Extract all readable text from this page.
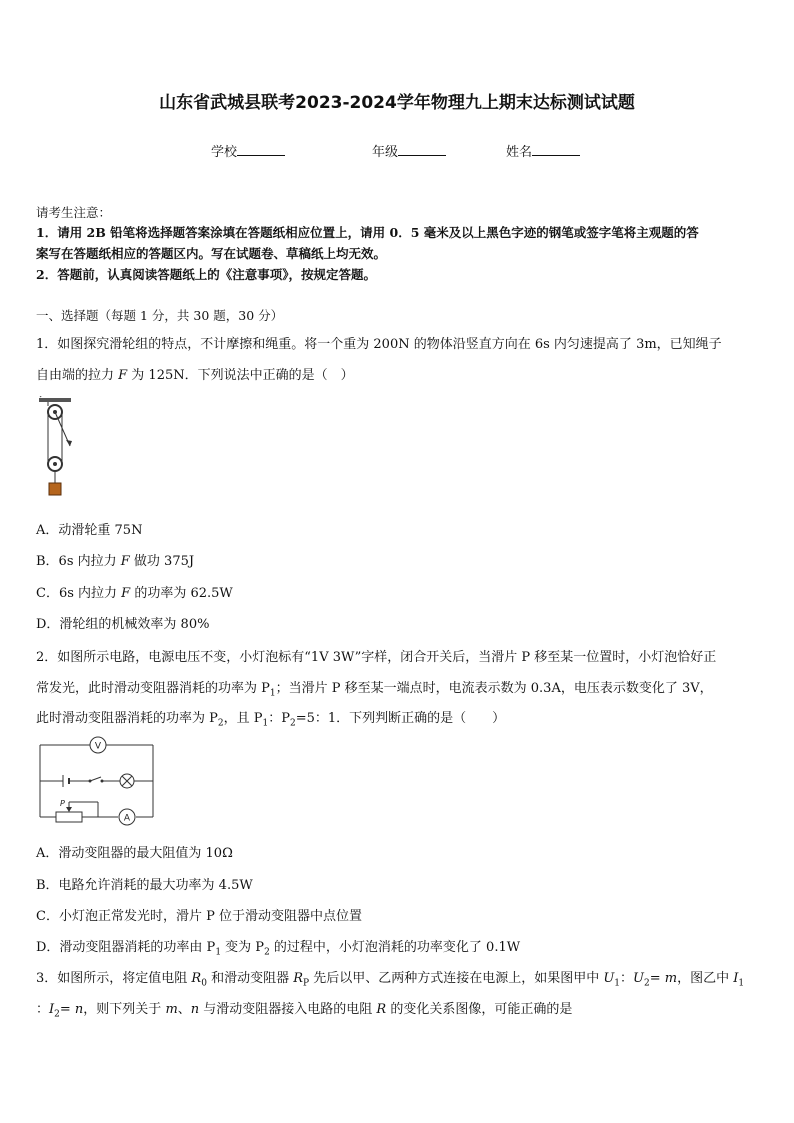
山东省武城县联考2023-2024学年物理九上期末达标测试试题
学校	年级	姓名
请考生注意：
1．请用 2B 铅笔将选择题答案涂填在答题纸相应位置上，请用 0．5 毫米及以上黑色字迹的钢笔或签字笔将主观题的答
案写在答题纸相应的答题区内。写在试题卷、草稿纸上均无效。
2．答题前，认真阅读答题纸上的《注意事项》，按规定答题。
一、选择题（每题 1 分，共 30 题，30 分）
1．如图探究滑轮组的特点，不计摩擦和绳重。将一个重为 200N 的物体沿竖直方向在 6s 内匀速提高了 3m，已知绳子
自由端的拉力 F 为 125N．下列说法中正确的是（　）
A．动滑轮重 75N
B．6s 内拉力 F 做功 375J
C．6s 内拉力 F 的功率为 62.5W
D．滑轮组的机械效率为 80%
2．如图所示电路，电源电压不变，小灯泡标有“1V 3W”字样，闭合开关后，当滑片 P 移至某一位置时，小灯泡恰好正
常发光，此时滑动变阻器消耗的功率为 $P_1$；当滑片 P 移至某一端点时，电流表示数为 0.3A，电压表示数变化了 3V，
此时滑动变阻器消耗的功率为 $P_2$，且 $P_1$：$P_2=5$：1．下列判断正确的是（　　）
V
P
A
A．滑动变阻器的最大阻值为 10Ω
B．电路允许消耗的最大功率为 4.5W
C．小灯泡正常发光时，滑片 P 位于滑动变阻器中点位置
D．滑动变阻器消耗的功率由 $P_1$ 变为 $P_2$ 的过程中，小灯泡消耗的功率变化了 0.1W
3．如图所示，将定值电阻 $R_0$ 和滑动变阻器 $R_P$ 先后以甲、乙两种方式连接在电源上，如果图甲中 $U_1$：$U_2= m$，图乙中 $I_1$
：$I_2= n$，则下列关于 m、n 与滑动变阻器接入电路的电阻 R 的变化关系图像，可能正确的是
